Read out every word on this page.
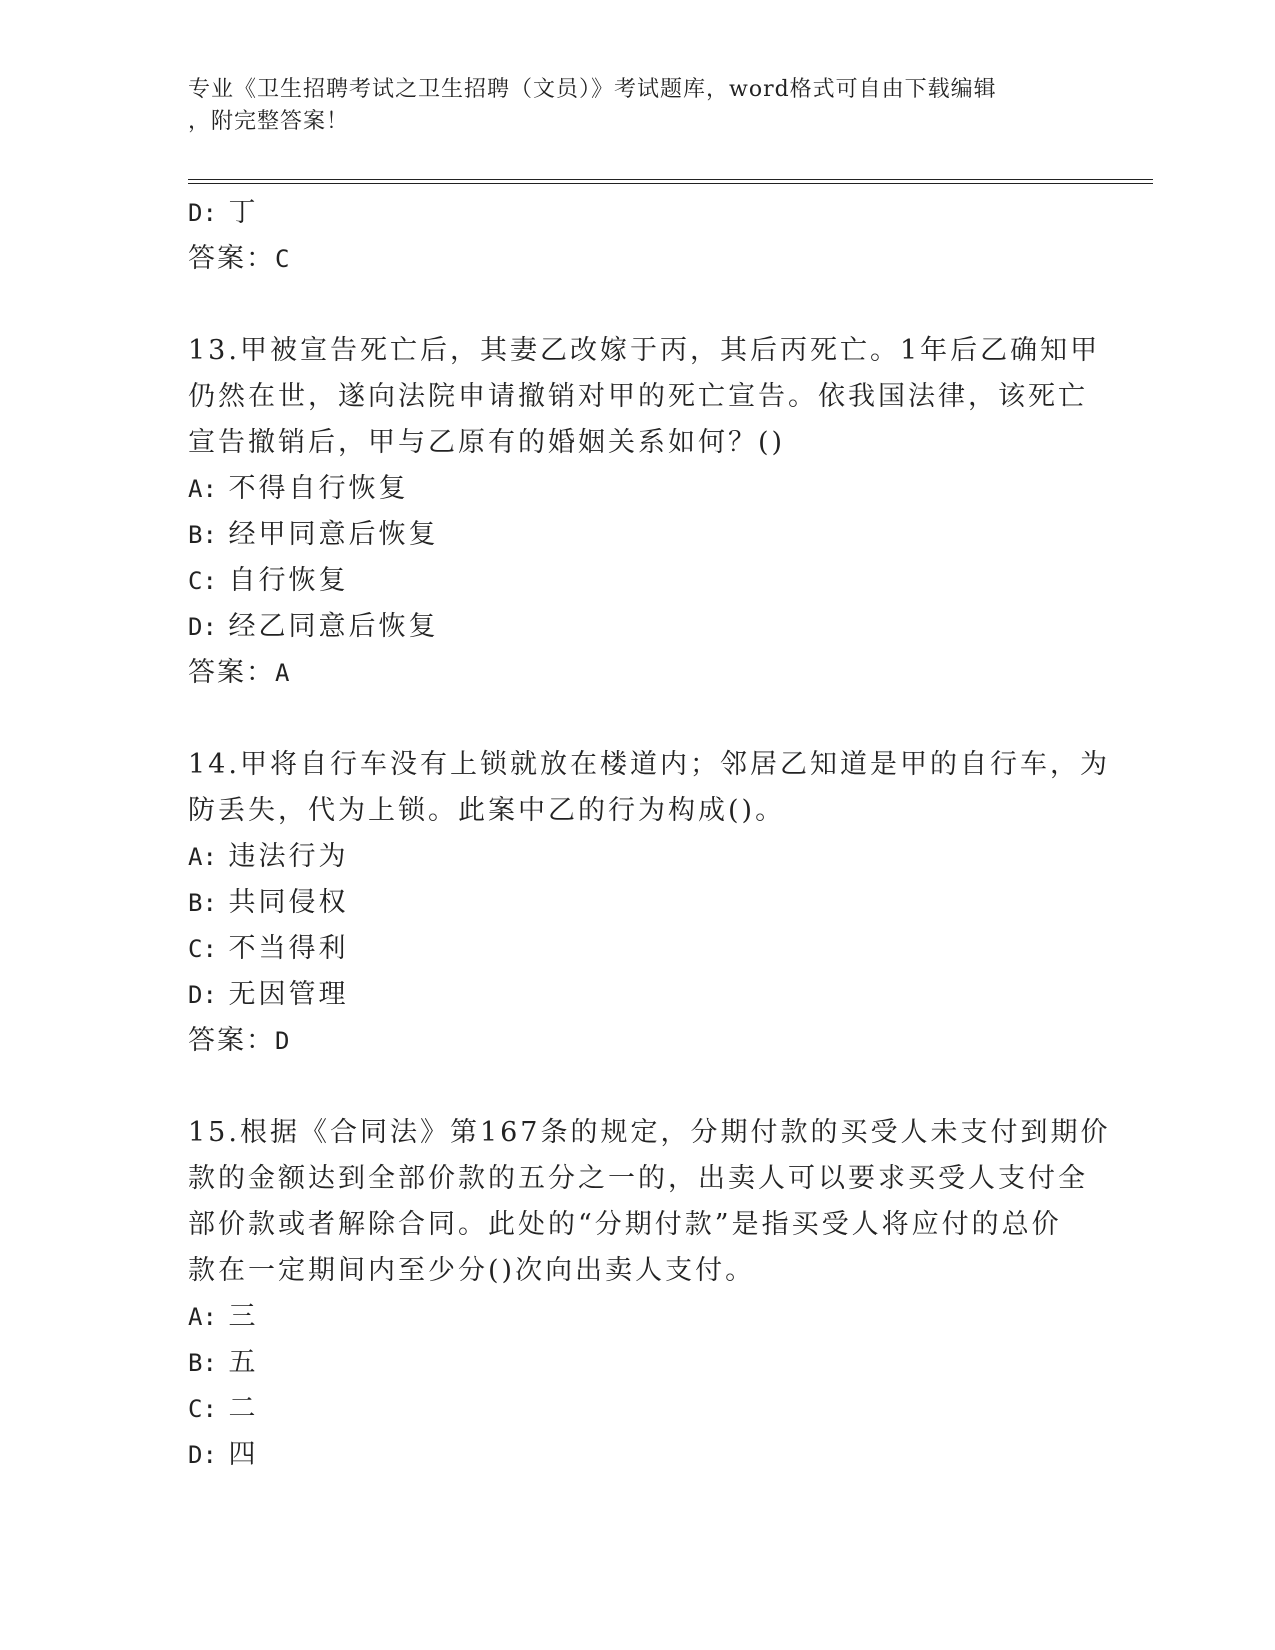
专业《卫生招聘考试之卫生招聘（文员）》考试题库，word格式可自由下载编辑
，附完整答案！
D: 丁
答案：C
13.甲被宣告死亡后，其妻乙改嫁于丙，其后丙死亡。1年后乙确知甲
仍然在世，遂向法院申请撤销对甲的死亡宣告。依我国法律，该死亡
宣告撤销后，甲与乙原有的婚姻关系如何？()
A: 不得自行恢复
B: 经甲同意后恢复
C: 自行恢复
D: 经乙同意后恢复
答案：A
14.甲将自行车没有上锁就放在楼道内；邻居乙知道是甲的自行车，为
防丢失，代为上锁。此案中乙的行为构成()。
A: 违法行为
B: 共同侵权
C: 不当得利
D: 无因管理
答案：D
15.根据《合同法》第167条的规定，分期付款的买受人未支付到期价
款的金额达到全部价款的五分之一的，出卖人可以要求买受人支付全
部价款或者解除合同。此处的“分期付款”是指买受人将应付的总价
款在一定期间内至少分()次向出卖人支付。
A: 三
B: 五
C: 二
D: 四
